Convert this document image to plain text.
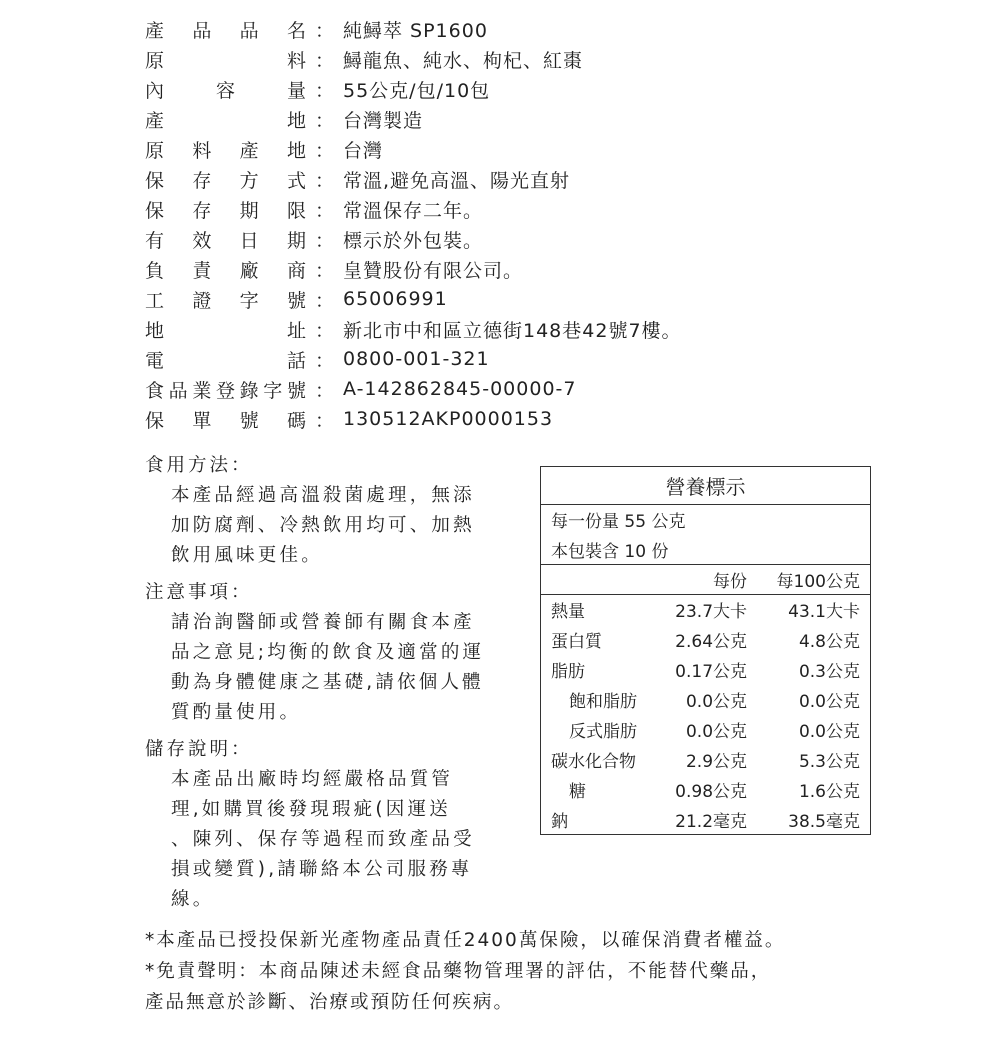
產 品 品 名 ： 純鱘萃 SP1600
原	料 ： 鱘龍魚、純水、枸杞、紅棗
內	容	量 ： 55公克/包/10包
產	地 ： 台灣製造
原 料 產 地 ： 台灣
保 存 方 式 ： 常溫,避免高溫、陽光直射
保 存 期 限 ： 常溫保存二年。
有 效 日 期 ： 標示於外包裝。
負 責 廠 商 ： 皇贊股份有限公司。
工 證 字 號 ： 65006991
地	址 ： 新北市中和區立德街148巷42號7樓。
電	話 ： 0800-001-321
食 品 業 登 錄 字 號 ： A-142862845-00000-7
保 單 號 碼 ： 130512AKP0000153
食用方法：
本產品經過高溫殺菌處理，無添
加防腐劑、冷熱飲用均可、加熱
飲用風味更佳。
注意事項：
請治詢醫師或營養師有關食本產
品之意見;均衡的飲食及適當的運
動為身體健康之基礎,請依個人體
質酌量使用。
儲存說明：
本產品出廠時均經嚴格品質管
理,如購買後發現瑕疵(因運送
、陳列、保存等過程而致產品受
損或變質),請聯絡本公司服務專
線。
營養標示		
每一份量 55 公克		
本包裝含 10 份		
	每份	每100公克
熱量	23.7大卡	43.1大卡
蛋白質	2.64公克	4.8公克
脂肪	0.17公克	0.3公克
飽和脂肪	0.0公克	0.0公克
反式脂肪	0.0公克	0.0公克
碳水化合物	2.9公克	5.3公克
糖	0.98公克	1.6公克
鈉	21.2毫克	38.5毫克
*本產品已授投保新光產物產品責任2400萬保險，以確保消費者權益。
*免責聲明：本商品陳述未經食品藥物管理署的評估，不能替代藥品，
產品無意於診斷、治療或預防任何疾病。
